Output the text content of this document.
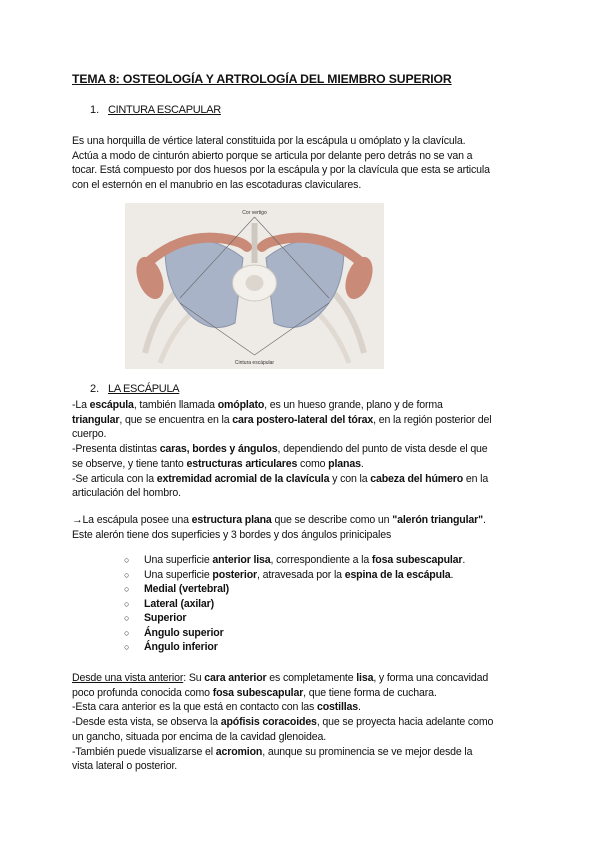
TEMA 8: OSTEOLOGÍA Y ARTROLOGÍA DEL MIEMBRO SUPERIOR
1. CINTURA ESCAPULAR

Es una horquilla de vértice lateral constituida por la escápula u omóplato y la clavícula.

Actúa a modo de cinturón abierto porque se articula por delante pero detrás no se van a

tocar. Está compuesto por dos huesos por la escápula y por la clavícula que esta se articula

con el esternón en el manubrio en las escotaduras claviculares.

Cor vertigo
Cintura escápular
2. LA ESCÁPULA

-La escápula, también llamada omóplato, es un hueso grande, plano y de forma

triangular, que se encuentra en la cara postero-lateral del tórax, en la región posterior del

cuerpo.

-Presenta distintas caras, bordes y ángulos, dependiendo del punto de vista desde el que

se observe, y tiene tanto estructuras articulares como planas.

-Se articula con la extremidad acromial de la clavícula y con la cabeza del húmero en la

articulación del hombro.

→La escápula posee una estructura plana que se describe como un "alerón triangular".

Este alerón tiene dos superficies y 3 bordes y dos ángulos prinicipales

○ Una superficie anterior lisa, correspondiente a la fosa subescapular.
○ Una superficie posterior, atravesada por la espina de la escápula.
○ Medial (vertebral)
○ Lateral (axilar)
○ Superior
○ Ángulo superior
○ Ángulo inferior

Desde una vista anterior: Su cara anterior es completamente lisa, y forma una concavidad

poco profunda conocida como fosa subescapular, que tiene forma de cuchara.

-Esta cara anterior es la que está en contacto con las costillas.

-Desde esta vista, se observa la apófisis coracoides, que se proyecta hacia adelante como

un gancho, situada por encima de la cavidad glenoidea.

-También puede visualizarse el acromion, aunque su prominencia se ve mejor desde la

vista lateral o posterior.
